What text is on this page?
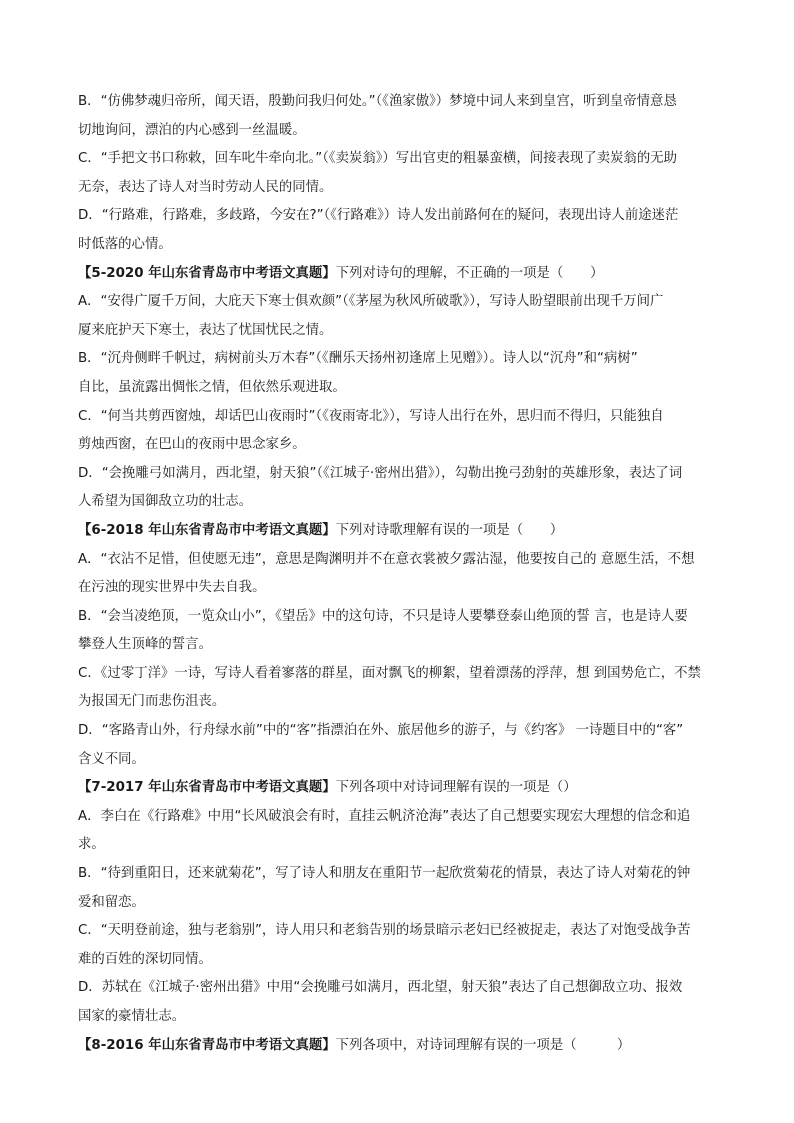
B．“仿佛梦魂归帝所，闻天语，殷勤问我归何处。”（《渔家傲》）梦境中词人来到皇宫，听到皇帝情意恳
切地询问，漂泊的内心感到一丝温暖。
C．“手把文书口称敕，回车叱牛牵向北。”（《卖炭翁》）写出官吏的粗暴蛮横，间接表现了卖炭翁的无助
无奈，表达了诗人对当时劳动人民的同情。
D．“行路难，行路难，多歧路，今安在?”（《行路难》）诗人发出前路何在的疑问，表现出诗人前途迷茫
时低落的心情。
【5-2020 年山东省青岛市中考语文真题】下列对诗句的理解，不正确的一项是（　　）
A．“安得广厦千万间，大庇天下寒士俱欢颜”（《茅屋为秋风所破歌》），写诗人盼望眼前出现千万间广
厦来庇护天下寒士，表达了忧国忧民之情。
B．“沉舟侧畔千帆过，病树前头万木春”（《酬乐天扬州初逢席上见赠》）。诗人以“沉舟”和“病树”
自比，虽流露出惆怅之情，但依然乐观进取。
C．“何当共剪西窗烛，却话巴山夜雨时”（《夜雨寄北》），写诗人出行在外，思归而不得归，只能独自
剪烛西窗，在巴山的夜雨中思念家乡。
D．“会挽雕弓如满月，西北望，射天狼”（《江城子·密州出猎》），勾勒出挽弓劲射的英雄形象，表达了词
人希望为国御敌立功的壮志。
【6-2018 年山东省青岛市中考语文真题】下列对诗歌理解有误的一项是（　　）
A．“衣沾不足惜，但使愿无违”，意思是陶渊明并不在意衣裳被夕露沾湿，他要按自己的 意愿生活，不想
在污浊的现实世界中失去自我。
B．“会当凌绝顶，一览众山小”，《望岳》中的这句诗，不只是诗人要攀登泰山绝顶的誓 言，也是诗人要
攀登人生顶峰的誓言。
C．《过零丁洋》一诗，写诗人看着寥落的群星，面对飘飞的柳絮，望着漂荡的浮萍，想 到国势危亡，不禁
为报国无门而悲伤沮丧。
D．“客路青山外，行舟绿水前”中的“客”指漂泊在外、旅居他乡的游子，与《约客》 一诗题目中的“客”
含义不同。
【7-2017 年山东省青岛市中考语文真题】下列各项中对诗词理解有误的一项是（）
A．李白在《行路难》中用“长风破浪会有时，直挂云帆济沧海”表达了自己想要实现宏大理想的信念和追
求。
B．“待到重阳日，还来就菊花”，写了诗人和朋友在重阳节一起欣赏菊花的情景，表达了诗人对菊花的钟
爱和留恋。
C．“天明登前途，独与老翁别”，诗人用只和老翁告别的场景暗示老妇已经被捉走，表达了对饱受战争苦
难的百姓的深切同情。
D．苏轼在《江城子·密州出猎》中用“会挽雕弓如满月，西北望，射天狼”表达了自己想御敌立功、报效
国家的豪情壮志。
【8-2016 年山东省青岛市中考语文真题】下列各项中，对诗词理解有误的一项是（　　　）
